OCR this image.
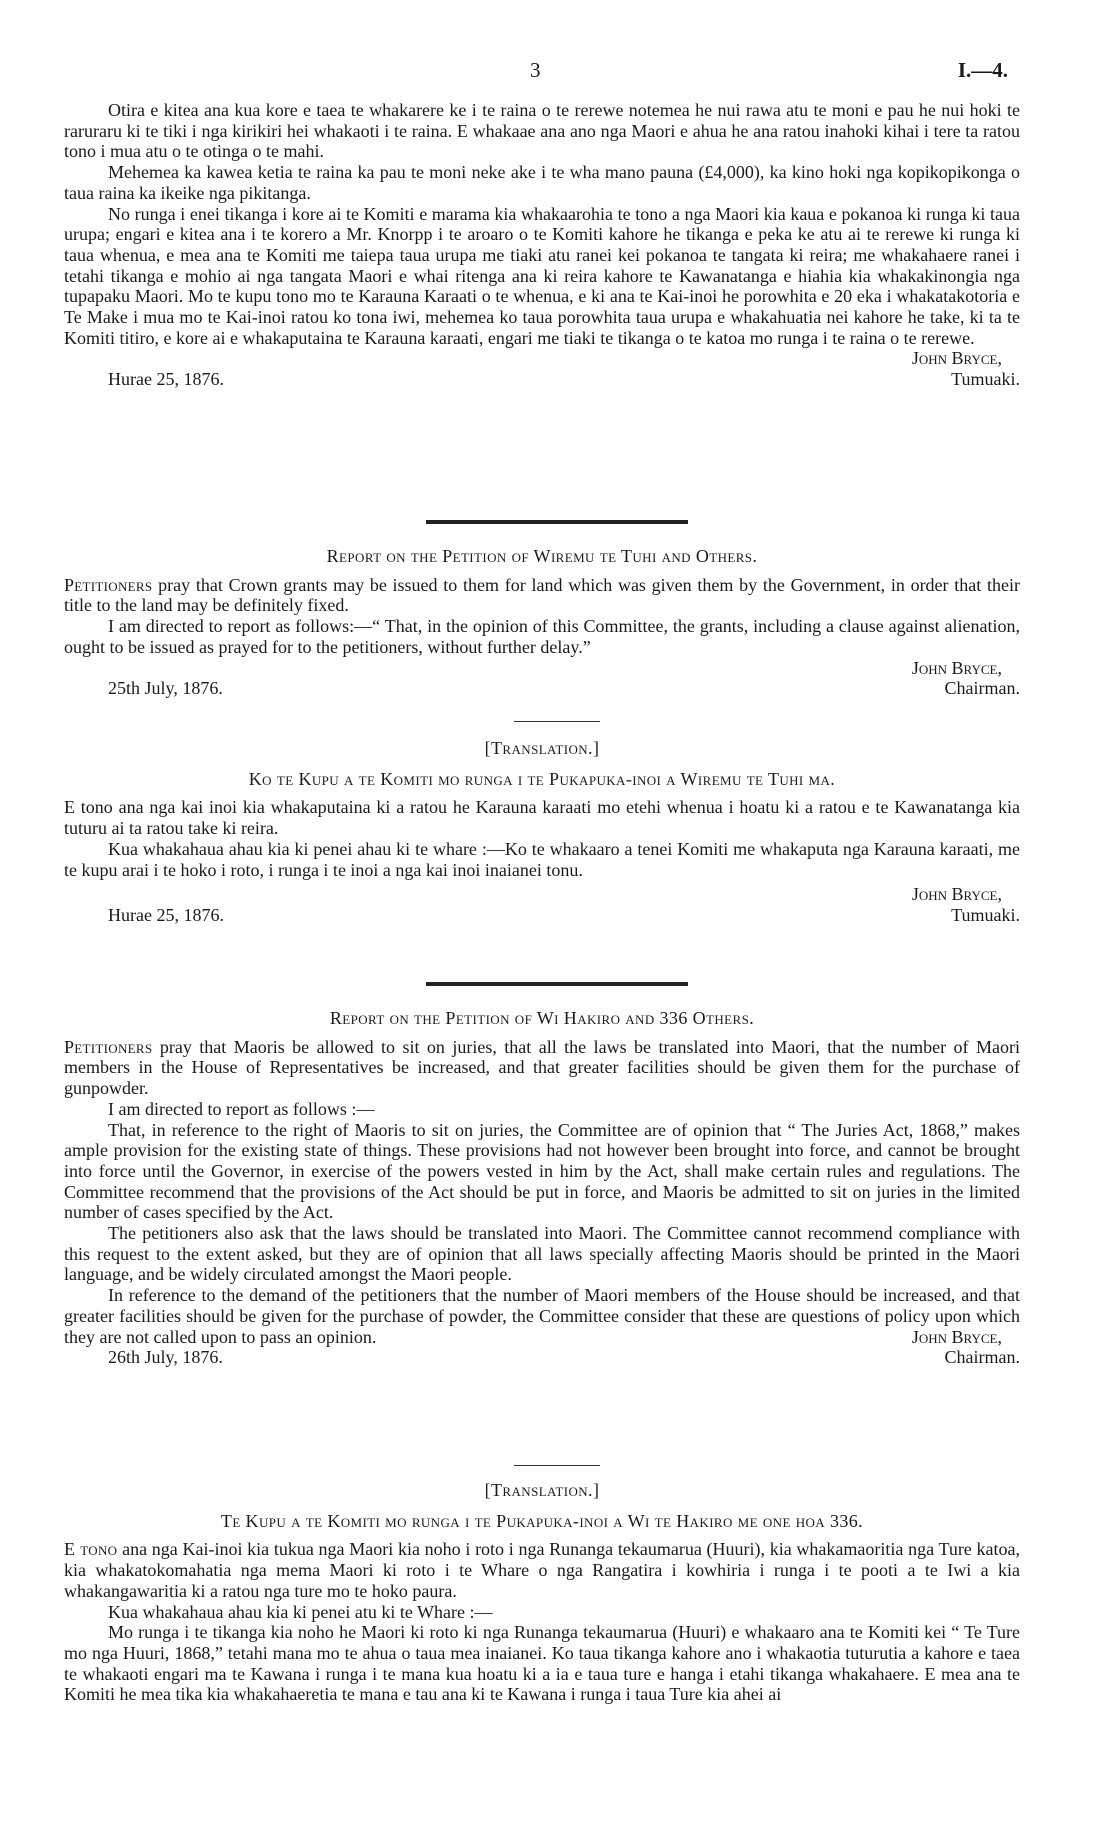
3	I.—4.

Otira e kitea ana kua kore e taea te whakarere ke i te raina o te rerewe notemea he nui rawa atu te moni e pau he nui hoki te raruraru ki te tiki i nga kirikiri hei whakaoti i te raina. E whakaae ana ano nga Maori e ahua he ana ratou inahoki kihai i tere ta ratou tono i mua atu o te otinga o te mahi.

Mehemea ka kawea ketia te raina ka pau te moni neke ake i te wha mano pauna (£4,000), ka kino hoki nga kopikopikonga o taua raina ka ikeike nga pikitanga.

No runga i enei tikanga i kore ai te Komiti e marama kia whakaarohia te tono a nga Maori kia kaua e pokanoa ki runga ki taua urupa; engari e kitea ana i te korero a Mr. Knorpp i te aroaro o te Komiti kahore he tikanga e peka ke atu ai te rerewe ki runga ki taua whenua, e mea ana te Komiti me taiepa taua urupa me tiaki atu ranei kei pokanoa te tangata ki reira; me whakahaere ranei i tetahi tikanga e mohio ai nga tangata Maori e whai ritenga ana ki reira kahore te Kawanatanga e hiahia kia whakakinongia nga tupapaku Maori. Mo te kupu tono mo te Karauna Karaati o te whenua, e ki ana te Kai-inoi he porowhita e 20 eka i whakatakotoria e Te Make i mua mo te Kai-inoi ratou ko tona iwi, mehemea ko taua porowhita taua urupa e whakahuatia nei kahore he take, ki ta te Komiti titiro, e kore ai e whakaputaina te Karauna karaati, engari me tiaki te tikanga o te katoa mo runga i te raina o te rerewe.

John Bryce,
Hurae 25, 1876.	Tumuaki.

Report on the Petition of Wiremu te Tuhi and Others.

Petitioners pray that Crown grants may be issued to them for land which was given them by the Government, in order that their title to the land may be definitely fixed.

I am directed to report as follows:—“ That, in the opinion of this Committee, the grants, including a clause against alienation, ought to be issued as prayed for to the petitioners, without further delay.”

John Bryce,
25th July, 1876.	Chairman.

[Translation.]

Ko te Kupu a te Komiti mo runga i te Pukapuka-inoi a Wiremu te Tuhi ma.

E tono ana nga kai inoi kia whakaputaina ki a ratou he Karauna karaati mo etehi whenua i hoatu ki a ratou e te Kawanatanga kia tuturu ai ta ratou take ki reira.

Kua whakahaua ahau kia ki penei ahau ki te whare :—Ko te whakaaro a tenei Komiti me whakaputa nga Karauna karaati, me te kupu arai i te hoko i roto, i runga i te inoi a nga kai inoi inaianei tonu.

John Bryce,
Hurae 25, 1876.	Tumuaki.

Report on the Petition of Wi Hakiro and 336 Others.

Petitioners pray that Maoris be allowed to sit on juries, that all the laws be translated into Maori, that the number of Maori members in the House of Representatives be increased, and that greater facilities should be given them for the purchase of gunpowder.

I am directed to report as follows :—

That, in reference to the right of Maoris to sit on juries, the Committee are of opinion that “ The Juries Act, 1868,” makes ample provision for the existing state of things. These provisions had not however been brought into force, and cannot be brought into force until the Governor, in exercise of the powers vested in him by the Act, shall make certain rules and regulations. The Committee recommend that the provisions of the Act should be put in force, and Maoris be admitted to sit on juries in the limited number of cases specified by the Act.

The petitioners also ask that the laws should be translated into Maori. The Committee cannot recommend compliance with this request to the extent asked, but they are of opinion that all laws specially affecting Maoris should be printed in the Maori language, and be widely circulated amongst the Maori people.

In reference to the demand of the petitioners that the number of Maori members of the House should be increased, and that greater facilities should be given for the purchase of powder, the Committee consider that these are questions of policy upon which they are not called upon to pass an opinion.	John Bryce,
26th July, 1876.	Chairman.

[Translation.]

Te Kupu a te Komiti mo runga i te Pukapuka-inoi a Wi te Hakiro me one hoa 336.

E tono ana nga Kai-inoi kia tukua nga Maori kia noho i roto i nga Runanga tekaumarua (Huuri), kia whakamaoritia nga Ture katoa, kia whakatokomahatia nga mema Maori ki roto i te Whare o nga Rangatira i kowhiria i runga i te pooti a te Iwi a kia whakangawaritia ki a ratou nga ture mo te hoko paura.

Kua whakahaua ahau kia ki penei atu ki te Whare :—

Mo runga i te tikanga kia noho he Maori ki roto ki nga Runanga tekaumarua (Huuri) e whakaaro ana te Komiti kei “ Te Ture mo nga Huuri, 1868,” tetahi mana mo te ahua o taua mea inaianei. Ko taua tikanga kahore ano i whakaotia tuturutia a kahore e taea te whakaoti engari ma te Kawana i runga i te mana kua hoatu ki a ia e taua ture e hanga i etahi tikanga whakahaere. E mea ana te Komiti he mea tika kia whakahaeretia te mana e tau ana ki te Kawana i runga i taua Ture kia ahei ai
